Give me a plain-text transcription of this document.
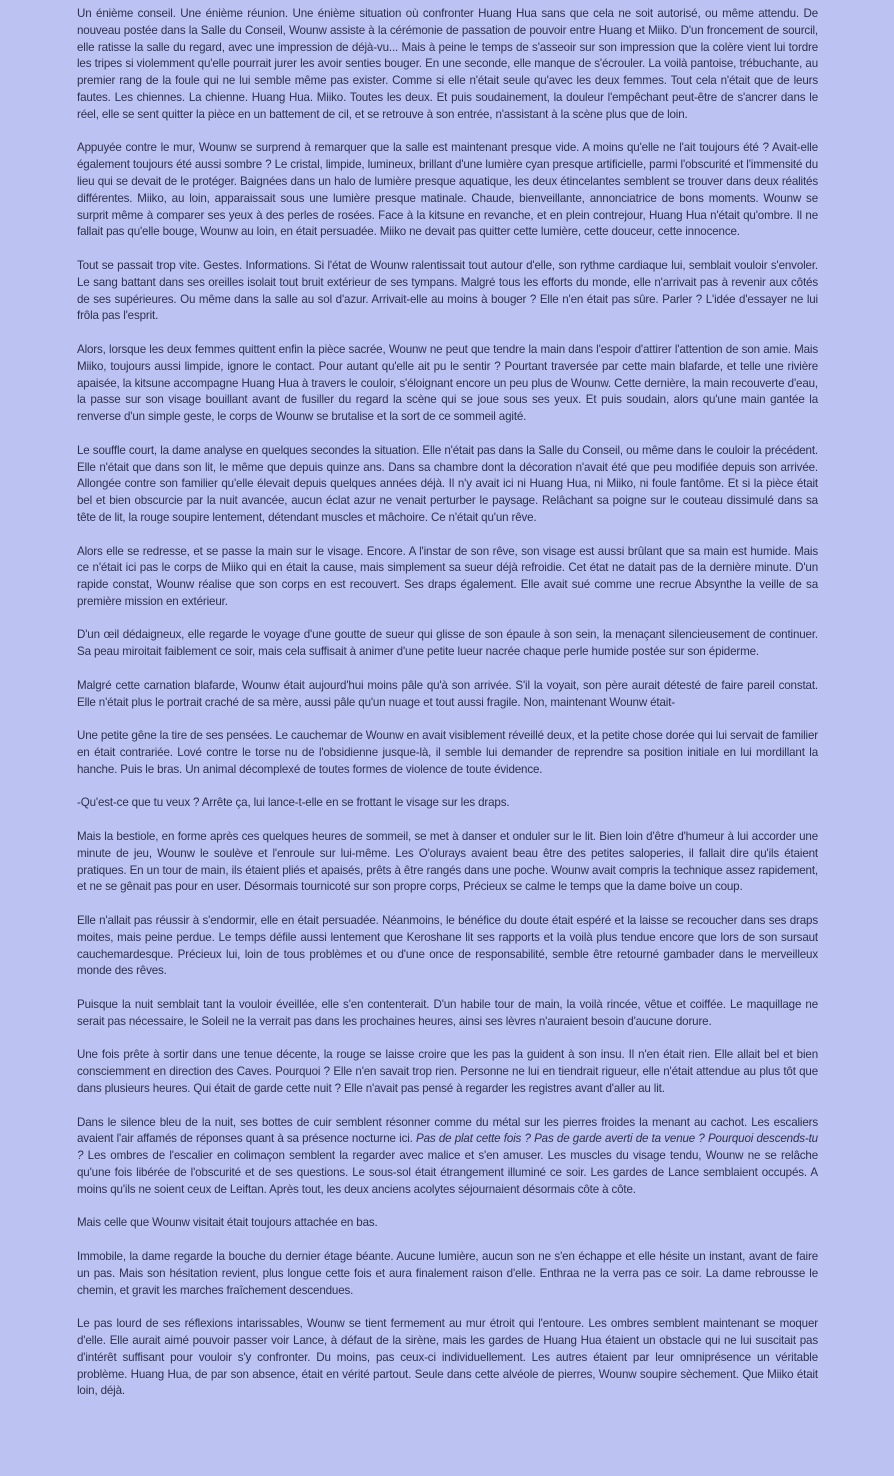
Un énième conseil. Une énième réunion. Une énième situation où confronter Huang Hua sans que cela ne soit autorisé, ou même attendu. De nouveau postée dans la Salle du Conseil, Wounw assiste à la cérémonie de passation de pouvoir entre Huang et Miiko. D'un froncement de sourcil, elle ratisse la salle du regard, avec une impression de déjà-vu... Mais à peine le temps de s'asseoir sur son impression que la colère vient lui tordre les tripes si violemment qu'elle pourrait jurer les avoir senties bouger. En une seconde, elle manque de s'écrouler. La voilà pantoise, trébuchante, au premier rang de la foule qui ne lui semble même pas exister. Comme si elle n'était seule qu'avec les deux femmes. Tout cela n'était que de leurs fautes. Les chiennes. La chienne. Huang Hua. Miiko. Toutes les deux. Et puis soudainement, la douleur l'empêchant peut-être de s'ancrer dans le réel, elle se sent quitter la pièce en un battement de cil, et se retrouve à son entrée, n'assistant à la scène plus que de loin.

Appuyée contre le mur, Wounw se surprend à remarquer que la salle est maintenant presque vide. A moins qu'elle ne l'ait toujours été ? Avait-elle également toujours été aussi sombre ? Le cristal, limpide, lumineux, brillant d'une lumière cyan presque artificielle, parmi l'obscurité et l'immensité du lieu qui se devait de le protéger. Baignées dans un halo de lumière presque aquatique, les deux étincelantes semblent se trouver dans deux réalités différentes. Miiko, au loin, apparaissait sous une lumière presque matinale. Chaude, bienveillante, annonciatrice de bons moments. Wounw se surprit même à comparer ses yeux à des perles de rosées. Face à la kitsune en revanche, et en plein contrejour, Huang Hua n'était qu'ombre. Il ne fallait pas qu'elle bouge, Wounw au loin, en était persuadée. Miiko ne devait pas quitter cette lumière, cette douceur, cette innocence.

Tout se passait trop vite. Gestes. Informations. Si l'état de Wounw ralentissait tout autour d'elle, son rythme cardiaque lui, semblait vouloir s'envoler. Le sang battant dans ses oreilles isolait tout bruit extérieur de ses tympans. Malgré tous les efforts du monde, elle n'arrivait pas à revenir aux côtés de ses supérieures. Ou même dans la salle au sol d'azur. Arrivait-elle au moins à bouger ? Elle n'en était pas sûre. Parler ? L'idée d'essayer ne lui frôla pas l'esprit.

Alors, lorsque les deux femmes quittent enfin la pièce sacrée, Wounw ne peut que tendre la main dans l'espoir d'attirer l'attention de son amie. Mais Miiko, toujours aussi limpide, ignore le contact. Pour autant qu'elle ait pu le sentir ? Pourtant traversée par cette main blafarde, et telle une rivière apaisée, la kitsune accompagne Huang Hua à travers le couloir, s'éloignant encore un peu plus de Wounw. Cette dernière, la main recouverte d'eau, la passe sur son visage bouillant avant de fusiller du regard la scène qui se joue sous ses yeux. Et puis soudain, alors qu'une main gantée la renverse d'un simple geste, le corps de Wounw se brutalise et la sort de ce sommeil agité.

Le souffle court, la dame analyse en quelques secondes la situation. Elle n'était pas dans la Salle du Conseil, ou même dans le couloir la précédent. Elle n'était que dans son lit, le même que depuis quinze ans. Dans sa chambre dont la décoration n'avait été que peu modifiée depuis son arrivée. Allongée contre son familier qu'elle élevait depuis quelques années déjà. Il n'y avait ici ni Huang Hua, ni Miiko, ni foule fantôme. Et si la pièce était bel et bien obscurcie par la nuit avancée, aucun éclat azur ne venait perturber le paysage. Relâchant sa poigne sur le couteau dissimulé dans sa tête de lit, la rouge soupire lentement, détendant muscles et mâchoire. Ce n'était qu'un rêve.

Alors elle se redresse, et se passe la main sur le visage. Encore. A l'instar de son rêve, son visage est aussi brûlant que sa main est humide. Mais ce n'était ici pas le corps de Miiko qui en était la cause, mais simplement sa sueur déjà refroidie. Cet état ne datait pas de la dernière minute. D'un rapide constat, Wounw réalise que son corps en est recouvert. Ses draps également. Elle avait sué comme une recrue Absynthe la veille de sa première mission en extérieur.

D'un œil dédaigneux, elle regarde le voyage d'une goutte de sueur qui glisse de son épaule à son sein, la menaçant silencieusement de continuer. Sa peau miroitait faiblement ce soir, mais cela suffisait à animer d'une petite lueur nacrée chaque perle humide postée sur son épiderme.

Malgré cette carnation blafarde, Wounw était aujourd'hui moins pâle qu'à son arrivée. S'il la voyait, son père aurait détesté de faire pareil constat. Elle n'était plus le portrait craché de sa mère, aussi pâle qu'un nuage et tout aussi fragile. Non, maintenant Wounw était-

Une petite gêne la tire de ses pensées. Le cauchemar de Wounw en avait visiblement réveillé deux, et la petite chose dorée qui lui servait de familier en était contrariée. Lové contre le torse nu de l'obsidienne jusque-là, il semble lui demander de reprendre sa position initiale en lui mordillant la hanche. Puis le bras. Un animal décomplexé de toutes formes de violence de toute évidence.

-Qu'est-ce que tu veux ? Arrête ça, lui lance-t-elle en se frottant le visage sur les draps.

Mais la bestiole, en forme après ces quelques heures de sommeil, se met à danser et onduler sur le lit. Bien loin d'être d'humeur à lui accorder une minute de jeu, Wounw le soulève et l'enroule sur lui-même. Les O'olurays avaient beau être des petites saloperies, il fallait dire qu'ils étaient pratiques. En un tour de main, ils étaient pliés et apaisés, prêts à être rangés dans une poche. Wounw avait compris la technique assez rapidement, et ne se gênait pas pour en user. Désormais tournicoté sur son propre corps, Précieux se calme le temps que la dame boive un coup.

Elle n'allait pas réussir à s'endormir, elle en était persuadée. Néanmoins, le bénéfice du doute était espéré et la laisse se recoucher dans ses draps moites, mais peine perdue. Le temps défile aussi lentement que Keroshane lit ses rapports et la voilà plus tendue encore que lors de son sursaut cauchemardesque. Précieux lui, loin de tous problèmes et ou d'une once de responsabilité, semble être retourné gambader dans le merveilleux monde des rêves.

Puisque la nuit semblait tant la vouloir éveillée, elle s'en contenterait. D'un habile tour de main, la voilà rincée, vêtue et coiffée. Le maquillage ne serait pas nécessaire, le Soleil ne la verrait pas dans les prochaines heures, ainsi ses lèvres n'auraient besoin d'aucune dorure.

Une fois prête à sortir dans une tenue décente, la rouge se laisse croire que les pas la guident à son insu. Il n'en était rien. Elle allait bel et bien consciemment en direction des Caves. Pourquoi ? Elle n'en savait trop rien. Personne ne lui en tiendrait rigueur, elle n'était attendue au plus tôt que dans plusieurs heures. Qui était de garde cette nuit ? Elle n'avait pas pensé à regarder les registres avant d'aller au lit.

Dans le silence bleu de la nuit, ses bottes de cuir semblent résonner comme du métal sur les pierres froides la menant au cachot. Les escaliers avaient l'air affamés de réponses quant à sa présence nocturne ici. Pas de plat cette fois ? Pas de garde averti de ta venue ? Pourquoi descends-tu ? Les ombres de l'escalier en colimaçon semblent la regarder avec malice et s'en amuser. Les muscles du visage tendu, Wounw ne se relâche qu'une fois libérée de l'obscurité et de ses questions. Le sous-sol était étrangement illuminé ce soir. Les gardes de Lance semblaient occupés. A moins qu'ils ne soient ceux de Leiftan. Après tout, les deux anciens acolytes séjournaient désormais côte à côte.

Mais celle que Wounw visitait était toujours attachée en bas.

Immobile, la dame regarde la bouche du dernier étage béante. Aucune lumière, aucun son ne s'en échappe et elle hésite un instant, avant de faire un pas. Mais son hésitation revient, plus longue cette fois et aura finalement raison d'elle. Enthraa ne la verra pas ce soir. La dame rebrousse le chemin, et gravit les marches fraîchement descendues.

Le pas lourd de ses réflexions intarissables, Wounw se tient fermement au mur étroit qui l'entoure. Les ombres semblent maintenant se moquer d'elle. Elle aurait aimé pouvoir passer voir Lance, à défaut de la sirène, mais les gardes de Huang Hua étaient un obstacle qui ne lui suscitait pas d'intérêt suffisant pour vouloir s'y confronter. Du moins, pas ceux-ci individuellement. Les autres étaient par leur omniprésence un véritable problème. Huang Hua, de par son absence, était en vérité partout. Seule dans cette alvéole de pierres, Wounw soupire sèchement. Que Miiko était loin, déjà.
